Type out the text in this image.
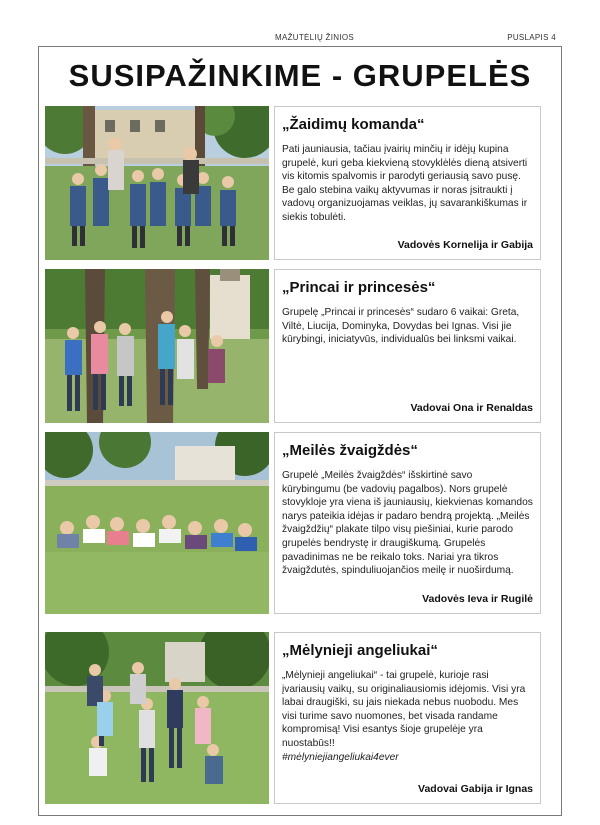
MAŽUTĖLIŲ ŽINIOS	PUSLAPIS 4
SUSIPAŽINKIME - GRUPELĖS
„Žaidimų komanda“
Pati jauniausia, tačiau įvairių minčių ir idėjų kupina grupelė, kuri geba kiekvieną stovyklėlės dieną atsiverti vis kitomis spalvomis ir parodyti geriausią savo pusę. Be galo stebina vaikų aktyvumas ir noras įsitraukti į vadovų organizuojamas veiklas, jų savarankiškumas ir siekis tobulėti.
Vadovės Kornelija ir Gabija
„Princai ir princesės“
Grupelę „Princai ir princesės“ sudaro 6 vaikai: Greta, Viltė, Liucija, Dominyka, Dovydas bei Ignas. Visi jie kūrybingi, iniciatyvūs, individualūs bei linksmi vaikai.
Vadovai Ona ir Renaldas
„Meilės žvaigždės“
Grupelė „Meilės žvaigždės“ išskirtinė savo kūrybingumu (be vadovių pagalbos). Nors grupelė stovykloje yra viena iš jauniausių, kiekvienas komandos narys pateikia idėjas ir padaro bendrą projektą. „Meilės žvaigždžių“ plakate tilpo visų piešiniai, kurie parodo grupelės bendrystę ir draugiškumą. Grupelės pavadinimas ne be reikalo toks. Nariai yra tikros žvaigždutės, spinduliuojančios meilę ir nuoširdumą.
Vadovės Ieva ir Rugilė
„Mėlynieji angeliukai“
„Mėlynieji angeliukai“ - tai grupelė, kurioje rasi įvariausių vaikų, su originaliausiomis idėjomis. Visi yra labai draugiški, su jais niekada nebus nuobodu. Mes visi turime savo nuomones, bet visada randame kompromisą! Visi esantys šioje grupelėje yra nuostabūs!!
#mėlyniejiangeliukai4ever
Vadovai Gabija ir Ignas
